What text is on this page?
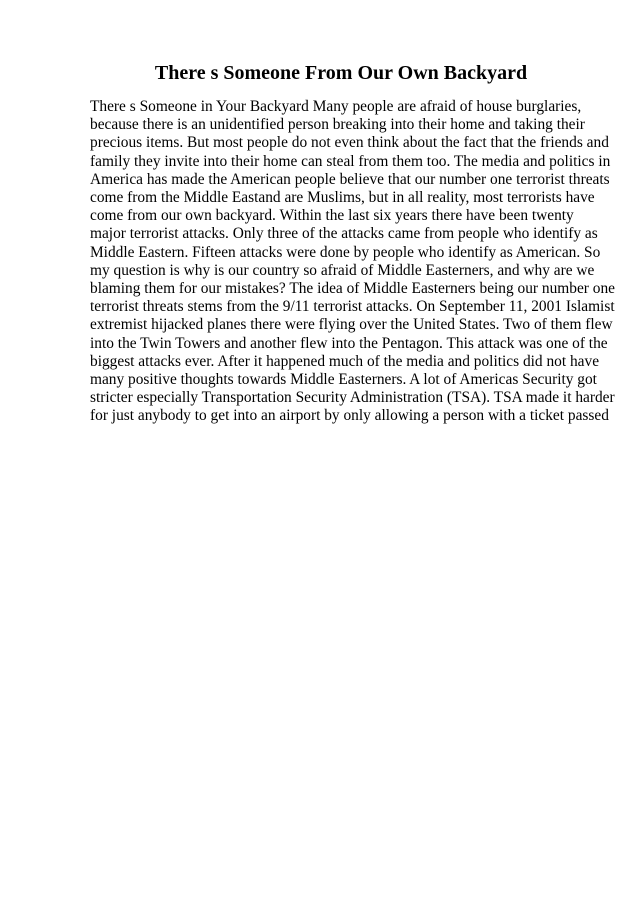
There s Someone From Our Own Backyard
There s Someone in Your Backyard Many people are afraid of house burglaries,
because there is an unidentified person breaking into their home and taking their
precious items. But most people do not even think about the fact that the friends and
family they invite into their home can steal from them too. The media and politics in
America has made the American people believe that our number one terrorist threats
come from the Middle Eastand are Muslims, but in all reality, most terrorists have
come from our own backyard. Within the last six years there have been twenty
major terrorist attacks. Only three of the attacks came from people who identify as
Middle Eastern. Fifteen attacks were done by people who identify as American. So
my question is why is our country so afraid of Middle Easterners, and why are we
blaming them for our mistakes? The idea of Middle Easterners being our number one
terrorist threats stems from the 9/11 terrorist attacks. On September 11, 2001 Islamist
extremist hijacked planes there were flying over the United States. Two of them flew
into the Twin Towers and another flew into the Pentagon. This attack was one of the
biggest attacks ever. After it happened much of the media and politics did not have
many positive thoughts towards Middle Easterners. A lot of Americas Security got
stricter especially Transportation Security Administration (TSA). TSA made it harder
for just anybody to get into an airport by only allowing a person with a ticket passed
